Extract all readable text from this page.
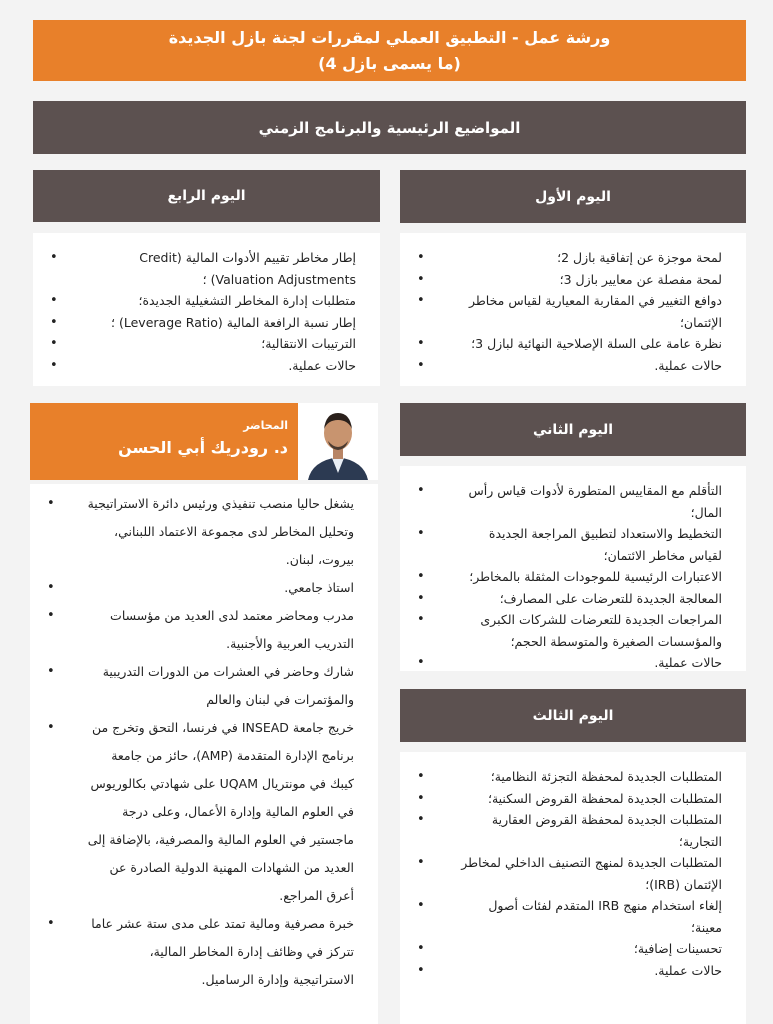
ورشة عمل - التطبيق العملي لمقررات لجنة بازل الجديدة
(ما يسمى بازل 4)
المواضيع الرئيسية والبرنامج الزمني
اليوم الأول
• لمحة موجزة عن إتفاقية بازل 2؛
• لمحة مفصلة عن معايير بازل 3؛
• دوافع التغيير في المقاربة المعيارية لقياس مخاطر الإئتمان؛
• نظرة عامة على السلة الإصلاحية النهائية لبازل 3؛
• حالات عملية.
اليوم الرابع
• إطار مخاطر تقييم الأدوات المالية (Credit Valuation Adjustments) ؛
• متطلبات إدارة المخاطر التشغيلية الجديدة؛
• إطار نسبة الرافعة المالية (Leverage Ratio) ؛
• الترتيبات الانتقالية؛
• حالات عملية.
اليوم الثاني
• التأقلم مع المقاييس المتطورة لأدوات قياس رأس المال؛
• التخطيط والاستعداد لتطبيق المراجعة الجديدة لقياس مخاطر الائتمان؛
• الاعتبارات الرئيسية للموجودات المثقلة بالمخاطر؛
• المعالجة الجديدة للتعرضات على المصارف؛
• المراجعات الجديدة للتعرضات للشركات الكبرى والمؤسسات الصغيرة والمتوسطة الحجم؛
• حالات عملية.
اليوم الثالث
• المتطلبات الجديدة لمحفظة التجزئة النظامية؛
• المتطلبات الجديدة لمحفظة القروض السكنية؛
• المتطلبات الجديدة لمحفظة القروض العقارية التجارية؛
• المتطلبات الجديدة لمنهج التصنيف الداخلي لمخاطر الإئتمان (IRB)؛
• إلغاء استخدام منهج IRB المتقدم لفئات أصول معينة؛
• تحسينات إضافية؛
• حالات عملية.
المحاضر
د. رودريك أبي الحسن
• يشغل حاليا منصب تنفيذي ورئيس دائرة الاستراتيجية وتحليل المخاطر لدى مجموعة الاعتماد اللبناني، بيروت، لبنان.
• استاذ جامعي.
• مدرب ومحاضر معتمد لدى العديد من مؤسسات التدريب العربية والأجنبية.
• شارك وحاضر في العشرات من الدورات التدريبية والمؤتمرات في لبنان والعالم
• خريج جامعة INSEAD في فرنسا، التحق وتخرج من برنامج الإدارة المتقدمة (AMP)، حائز من جامعة كيبك في مونتريال UQAM على شهادتي بكالوريوس في العلوم المالية وإدارة الأعمال، وعلى درجة ماجستير في العلوم المالية والمصرفية، بالإضافة إلى العديد من الشهادات المهنية الدولية الصادرة عن أعرق المراجع.
• خبرة مصرفية ومالية تمتد على مدى ستة عشر عاما تتركز في وظائف إدارة المخاطر المالية، الاستراتيجية وإدارة الرساميل.
